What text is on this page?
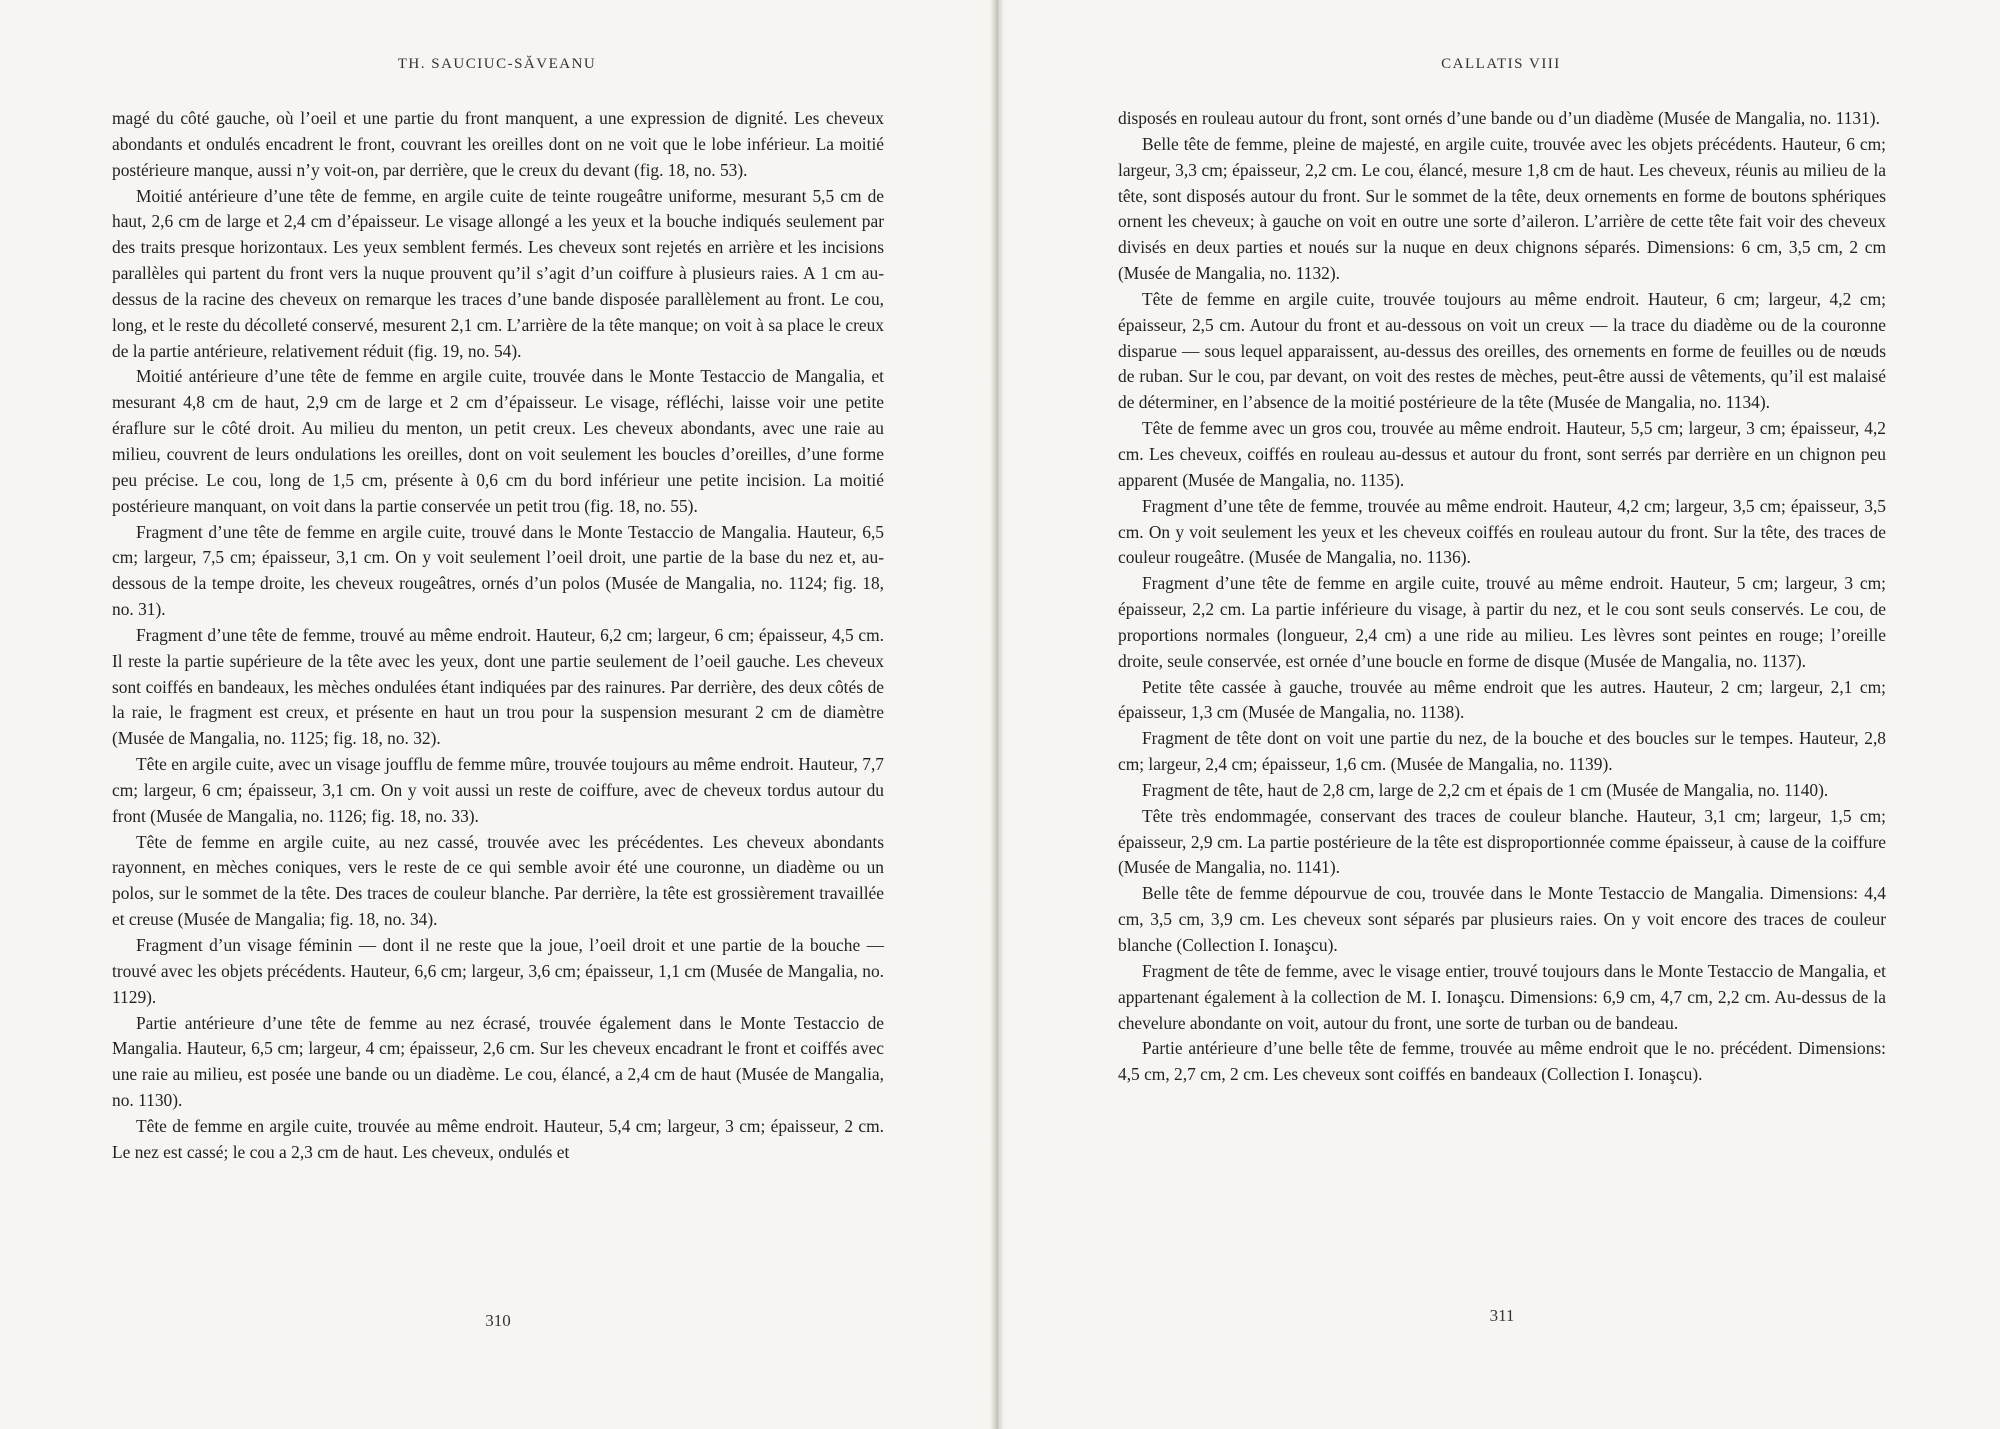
TH. SAUCIUC-SĂVEANU

magé du côté gauche, où l’oeil et une partie du front manquent, a une expression de dignité. Les cheveux abondants et ondulés encadrent le front, couvrant les oreilles dont on ne voit que le lobe inférieur. La moitié postérieure manque, aussi n’y voit-on, par derrière, que le creux du devant (fig. 18, no. 53).

Moitié antérieure d’une tête de femme, en argile cuite de teinte rougeâtre uniforme, mesurant 5,5 cm de haut, 2,6 cm de large et 2,4 cm d’épaisseur. Le visage allongé a les yeux et la bouche indiqués seulement par des traits presque horizontaux. Les yeux semblent fermés. Les cheveux sont rejetés en arrière et les incisions parallèles qui partent du front vers la nuque prouvent qu’il s’agit d’un coiffure à plusieurs raies. A 1 cm au-dessus de la racine des cheveux on remarque les traces d’une bande disposée parallèlement au front. Le cou, long, et le reste du décolleté conservé, mesurent 2,1 cm. L’arrière de la tête manque; on voit à sa place le creux de la partie antérieure, relativement réduit (fig. 19, no. 54).

Moitié antérieure d’une tête de femme en argile cuite, trouvée dans le Monte Testaccio de Mangalia, et mesurant 4,8 cm de haut, 2,9 cm de large et 2 cm d’épaisseur. Le visage, réfléchi, laisse voir une petite éraflure sur le côté droit. Au milieu du menton, un petit creux. Les cheveux abondants, avec une raie au milieu, couvrent de leurs ondulations les oreilles, dont on voit seulement les boucles d’oreilles, d’une forme peu précise. Le cou, long de 1,5 cm, présente à 0,6 cm du bord inférieur une petite incision. La moitié postérieure manquant, on voit dans la partie conservée un petit trou (fig. 18, no. 55).

Fragment d’une tête de femme en argile cuite, trouvé dans le Monte Testaccio de Mangalia. Hauteur, 6,5 cm; largeur, 7,5 cm; épaisseur, 3,1 cm. On y voit seulement l’oeil droit, une partie de la base du nez et, au-dessous de la tempe droite, les cheveux rougeâtres, ornés d’un polos (Musée de Mangalia, no. 1124; fig. 18, no. 31).

Fragment d’une tête de femme, trouvé au même endroit. Hauteur, 6,2 cm; largeur, 6 cm; épaisseur, 4,5 cm. Il reste la partie supérieure de la tête avec les yeux, dont une partie seulement de l’oeil gauche. Les cheveux sont coiffés en bandeaux, les mèches ondulées étant indiquées par des rainures. Par derrière, des deux côtés de la raie, le fragment est creux, et présente en haut un trou pour la suspension mesurant 2 cm de diamètre (Musée de Mangalia, no. 1125; fig. 18, no. 32).

Tête en argile cuite, avec un visage joufflu de femme mûre, trouvée toujours au même endroit. Hauteur, 7,7 cm; largeur, 6 cm; épaisseur, 3,1 cm. On y voit aussi un reste de coiffure, avec de cheveux tordus autour du front (Musée de Mangalia, no. 1126; fig. 18, no. 33).

Tête de femme en argile cuite, au nez cassé, trouvée avec les précédentes. Les cheveux abondants rayonnent, en mèches coniques, vers le reste de ce qui semble avoir été une couronne, un diadème ou un polos, sur le sommet de la tête. Des traces de couleur blanche. Par derrière, la tête est grossièrement travaillée et creuse (Musée de Mangalia; fig. 18, no. 34).

Fragment d’un visage féminin — dont il ne reste que la joue, l’oeil droit et une partie de la bouche — trouvé avec les objets précédents. Hauteur, 6,6 cm; largeur, 3,6 cm; épaisseur, 1,1 cm (Musée de Mangalia, no. 1129).

Partie antérieure d’une tête de femme au nez écrasé, trouvée également dans le Monte Testaccio de Mangalia. Hauteur, 6,5 cm; largeur, 4 cm; épaisseur, 2,6 cm. Sur les cheveux encadrant le front et coiffés avec une raie au milieu, est posée une bande ou un diadème. Le cou, élancé, a 2,4 cm de haut (Musée de Mangalia, no. 1130).

Tête de femme en argile cuite, trouvée au même endroit. Hauteur, 5,4 cm; largeur, 3 cm; épaisseur, 2 cm. Le nez est cassé; le cou a 2,3 cm de haut. Les cheveux, ondulés et

310
CALLATIS VIII

disposés en rouleau autour du front, sont ornés d’une bande ou d’un diadème (Musée de Mangalia, no. 1131).

Belle tête de femme, pleine de majesté, en argile cuite, trouvée avec les objets précédents. Hauteur, 6 cm; largeur, 3,3 cm; épaisseur, 2,2 cm. Le cou, élancé, mesure 1,8 cm de haut. Les cheveux, réunis au milieu de la tête, sont disposés autour du front. Sur le sommet de la tête, deux ornements en forme de boutons sphériques ornent les cheveux; à gauche on voit en outre une sorte d’aileron. L’arrière de cette tête fait voir des cheveux divisés en deux parties et noués sur la nuque en deux chignons séparés. Dimensions: 6 cm, 3,5 cm, 2 cm (Musée de Mangalia, no. 1132).

Tête de femme en argile cuite, trouvée toujours au même endroit. Hauteur, 6 cm; largeur, 4,2 cm; épaisseur, 2,5 cm. Autour du front et au-dessous on voit un creux — la trace du diadème ou de la couronne disparue — sous lequel apparaissent, au-dessus des oreilles, des ornements en forme de feuilles ou de nœuds de ruban. Sur le cou, par devant, on voit des restes de mèches, peut-être aussi de vêtements, qu’il est malaisé de déterminer, en l’absence de la moitié postérieure de la tête (Musée de Mangalia, no. 1134).

Tête de femme avec un gros cou, trouvée au même endroit. Hauteur, 5,5 cm; largeur, 3 cm; épaisseur, 4,2 cm. Les cheveux, coiffés en rouleau au-dessus et autour du front, sont serrés par derrière en un chignon peu apparent (Musée de Mangalia, no. 1135).

Fragment d’une tête de femme, trouvée au même endroit. Hauteur, 4,2 cm; largeur, 3,5 cm; épaisseur, 3,5 cm. On y voit seulement les yeux et les cheveux coiffés en rouleau autour du front. Sur la tête, des traces de couleur rougeâtre. (Musée de Mangalia, no. 1136).

Fragment d’une tête de femme en argile cuite, trouvé au même endroit. Hauteur, 5 cm; largeur, 3 cm; épaisseur, 2,2 cm. La partie inférieure du visage, à partir du nez, et le cou sont seuls conservés. Le cou, de proportions normales (longueur, 2,4 cm) a une ride au milieu. Les lèvres sont peintes en rouge; l’oreille droite, seule conservée, est ornée d’une boucle en forme de disque (Musée de Mangalia, no. 1137).

Petite tête cassée à gauche, trouvée au même endroit que les autres. Hauteur, 2 cm; largeur, 2,1 cm; épaisseur, 1,3 cm (Musée de Mangalia, no. 1138).

Fragment de tête dont on voit une partie du nez, de la bouche et des boucles sur le tempes. Hauteur, 2,8 cm; largeur, 2,4 cm; épaisseur, 1,6 cm. (Musée de Mangalia, no. 1139).

Fragment de tête, haut de 2,8 cm, large de 2,2 cm et épais de 1 cm (Musée de Mangalia, no. 1140).

Tête très endommagée, conservant des traces de couleur blanche. Hauteur, 3,1 cm; largeur, 1,5 cm; épaisseur, 2,9 cm. La partie postérieure de la tête est disproportionnée comme épaisseur, à cause de la coiffure (Musée de Mangalia, no. 1141).

Belle tête de femme dépourvue de cou, trouvée dans le Monte Testaccio de Mangalia. Dimensions: 4,4 cm, 3,5 cm, 3,9 cm. Les cheveux sont séparés par plusieurs raies. On y voit encore des traces de couleur blanche (Collection I. Ionaşcu).

Fragment de tête de femme, avec le visage entier, trouvé toujours dans le Monte Testaccio de Mangalia, et appartenant également à la collection de M. I. Ionaşcu. Dimensions: 6,9 cm, 4,7 cm, 2,2 cm. Au-dessus de la chevelure abondante on voit, autour du front, une sorte de turban ou de bandeau.

Partie antérieure d’une belle tête de femme, trouvée au même endroit que le no. précédent. Dimensions: 4,5 cm, 2,7 cm, 2 cm. Les cheveux sont coiffés en bandeaux (Collection I. Ionaşcu).

311
